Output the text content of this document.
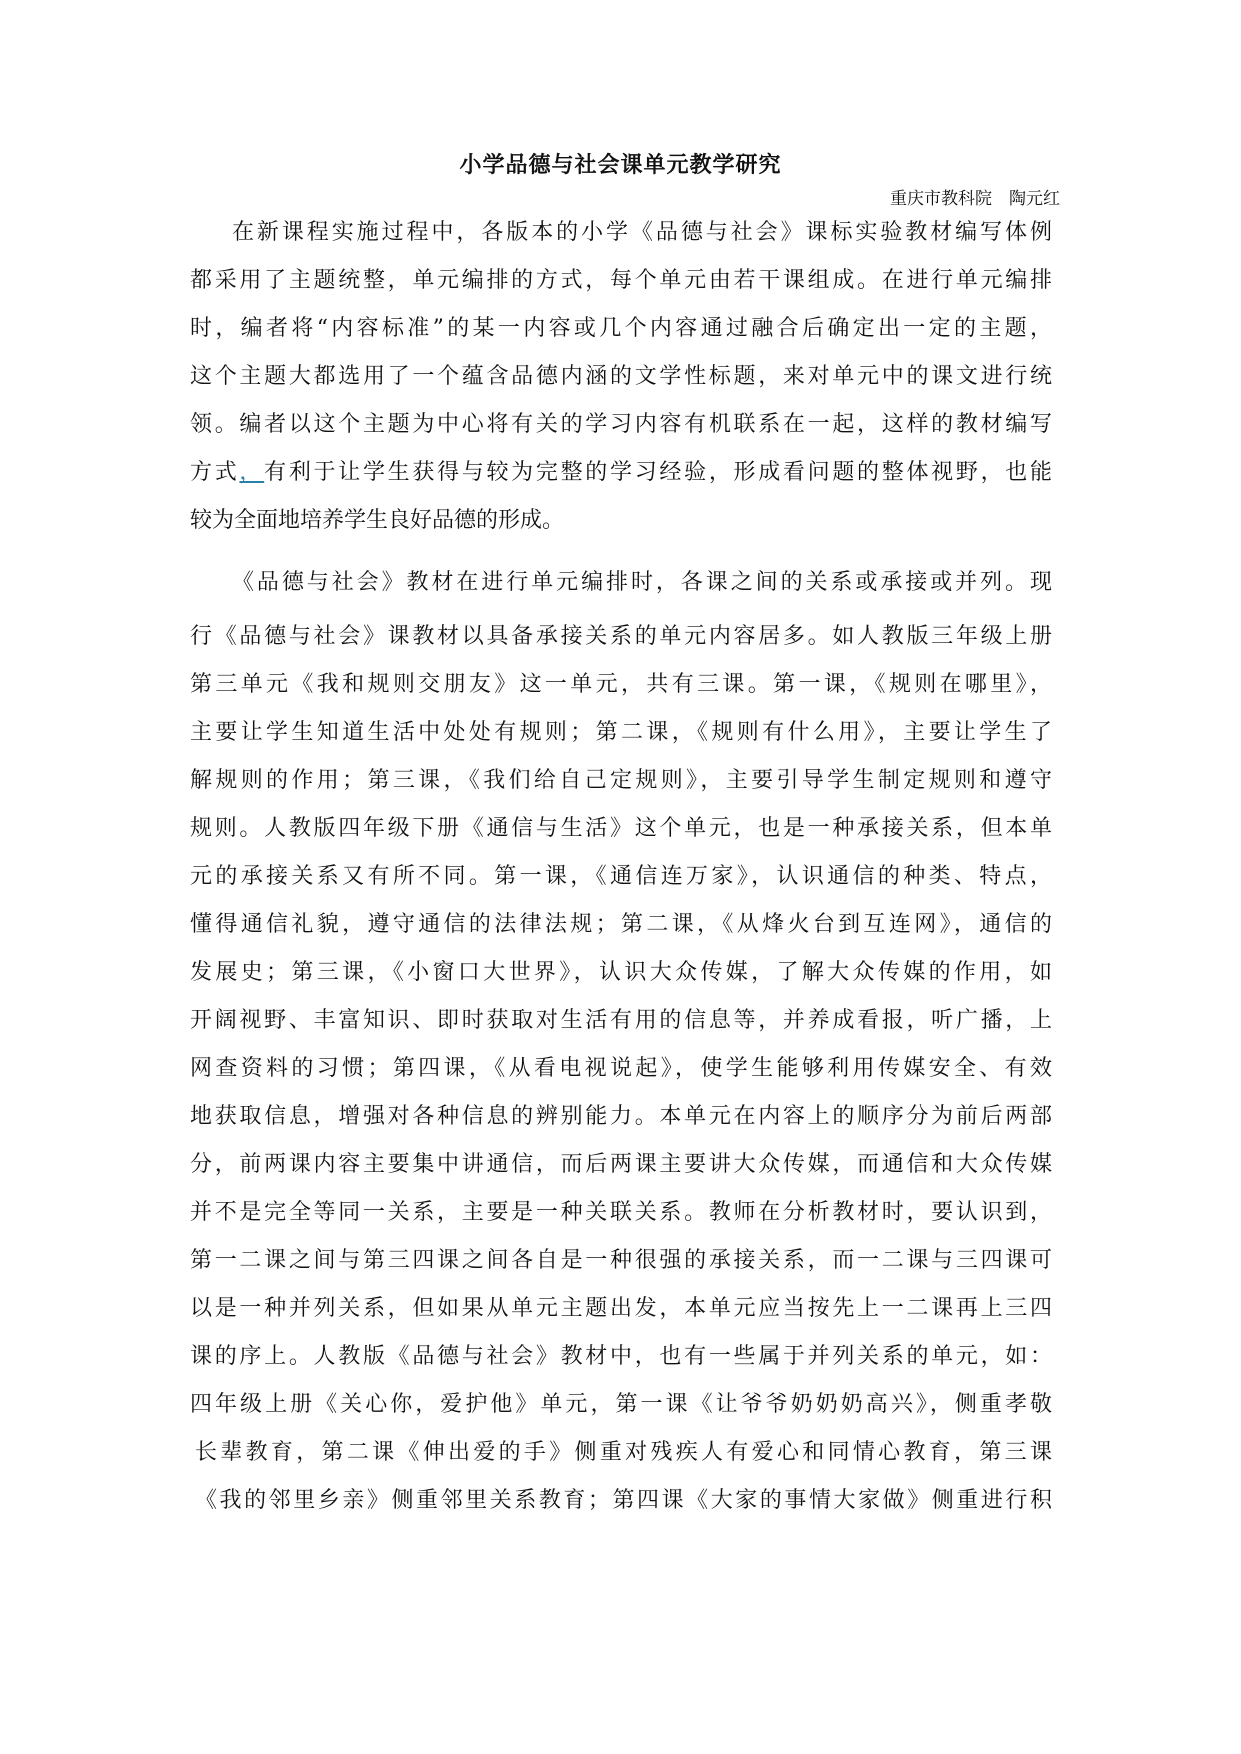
小学品德与社会课单元教学研究
重庆市教科院　陶元红
在新课程实施过程中，各版本的小学《品德与社会》课标实验教材编写体例
都采用了主题统整，单元编排的方式，每个单元由若干课组成。在进行单元编排
时，编者将“内容标准”的某一内容或几个内容通过融合后确定出一定的主题，
这个主题大都选用了一个蕴含品德内涵的文学性标题，来对单元中的课文进行统
领。编者以这个主题为中心将有关的学习内容有机联系在一起，这样的教材编写
方式，有利于让学生获得与较为完整的学习经验，形成看问题的整体视野，也能
较为全面地培养学生良好品德的形成。
《品德与社会》教材在进行单元编排时，各课之间的关系或承接或并列。现
行《品德与社会》课教材以具备承接关系的单元内容居多。如人教版三年级上册
第三单元《我和规则交朋友》这一单元，共有三课。第一课，《规则在哪里》，
主要让学生知道生活中处处有规则；第二课，《规则有什么用》，主要让学生了
解规则的作用；第三课，《我们给自己定规则》，主要引导学生制定规则和遵守
规则。人教版四年级下册《通信与生活》这个单元，也是一种承接关系，但本单
元的承接关系又有所不同。第一课，《通信连万家》，认识通信的种类、特点，
懂得通信礼貌，遵守通信的法律法规；第二课，《从烽火台到互连网》，通信的
发展史；第三课，《小窗口大世界》，认识大众传媒，了解大众传媒的作用，如
开阔视野、丰富知识、即时获取对生活有用的信息等，并养成看报，听广播，上
网查资料的习惯；第四课，《从看电视说起》，使学生能够利用传媒安全、有效
地获取信息，增强对各种信息的辨别能力。本单元在内容上的顺序分为前后两部
分，前两课内容主要集中讲通信，而后两课主要讲大众传媒，而通信和大众传媒
并不是完全等同一关系，主要是一种关联关系。教师在分析教材时，要认识到，
第一二课之间与第三四课之间各自是一种很强的承接关系，而一二课与三四课可
以是一种并列关系，但如果从单元主题出发，本单元应当按先上一二课再上三四
课的序上。人教版《品德与社会》教材中，也有一些属于并列关系的单元，如：
四年级上册《关心你，爱护他》单元，第一课《让爷爷奶奶奶高兴》，侧重孝敬
长辈教育，第二课《伸出爱的手》侧重对残疾人有爱心和同情心教育，第三课
《我的邻里乡亲》侧重邻里关系教育；第四课《大家的事情大家做》侧重进行积
